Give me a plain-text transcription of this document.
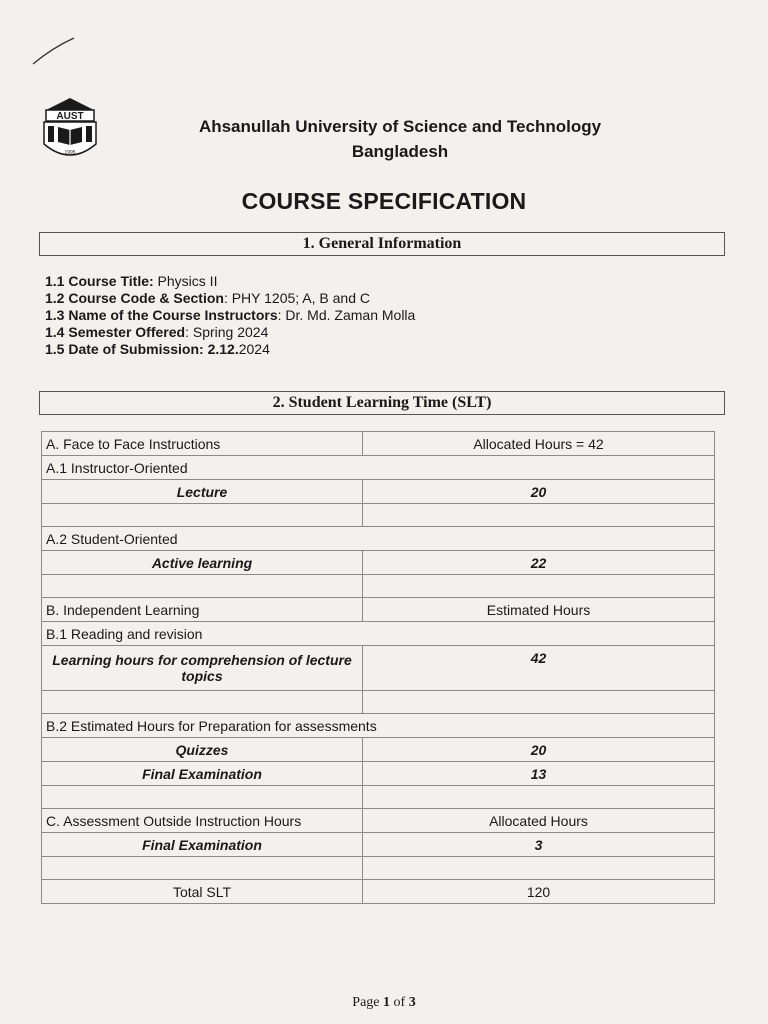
AUST
1995
Ahsanullah University of Science and Technology
Bangladesh
COURSE SPECIFICATION
1. General Information
1.1 Course Title: Physics II
1.2 Course Code & Section: PHY 1205; A, B and C
1.3 Name of the Course Instructors: Dr. Md. Zaman Molla
1.4 Semester Offered: Spring 2024
1.5 Date of Submission: 2.12.2024
2. Student Learning Time (SLT)
A. Face to Face Instructions	Allocated Hours = 42
A.1 Instructor-Oriented	
Lecture	20

A.2 Student-Oriented	
Active learning	22

B. Independent Learning	Estimated Hours
B.1 Reading and revision	
Learning hours for comprehension of lecture topics	42

B.2 Estimated Hours for Preparation for assessments	
Quizzes	20
Final Examination	13

C. Assessment Outside Instruction Hours	Allocated Hours
Final Examination	3

Total SLT	120
Page 1 of 3
